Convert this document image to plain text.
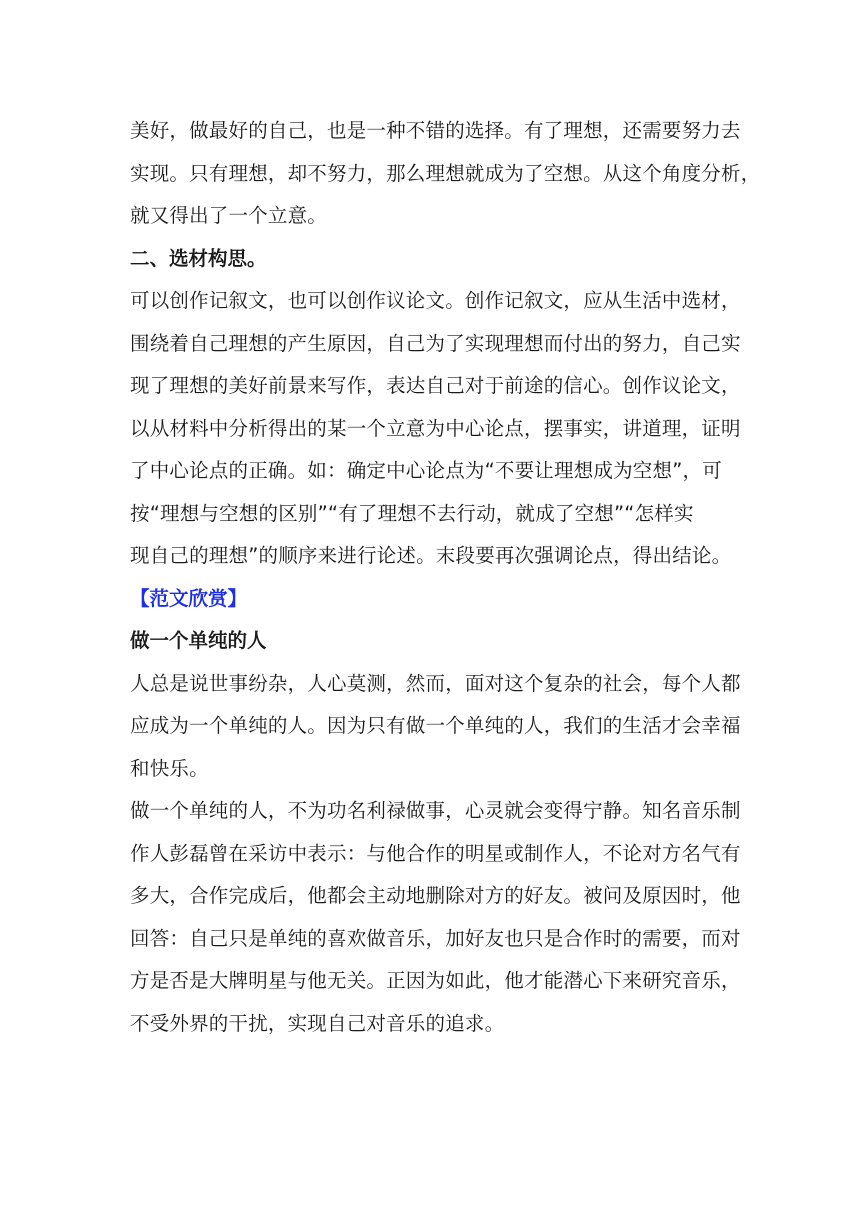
美好，做最好的自己，也是一种不错的选择。有了理想，还需要努力去
实现。只有理想，却不努力，那么理想就成为了空想。从这个角度分析，
就又得出了一个立意。

二、选材构思。

可以创作记叙文，也可以创作议论文。创作记叙文，应从生活中选材，
围绕着自己理想的产生原因，自己为了实现理想而付出的努力，自己实
现了理想的美好前景来写作，表达自己对于前途的信心。创作议论文，
以从材料中分析得出的某一个立意为中心论点，摆事实，讲道理，证明
了中心论点的正确。如：确定中心论点为“不要让理想成为空想”，可
按“理想与空想的区别”“有了理想不去行动，就成了空想”“怎样实
现自己的理想”的顺序来进行论述。末段要再次强调论点，得出结论。

【范文欣赏】

做一个单纯的人

人总是说世事纷杂，人心莫测，然而，面对这个复杂的社会，每个人都
应成为一个单纯的人。因为只有做一个单纯的人，我们的生活才会幸福
和快乐。

做一个单纯的人，不为功名利禄做事，心灵就会变得宁静。知名音乐制
作人彭磊曾在采访中表示：与他合作的明星或制作人，不论对方名气有
多大，合作完成后，他都会主动地删除对方的好友。被问及原因时，他
回答：自己只是单纯的喜欢做音乐，加好友也只是合作时的需要，而对
方是否是大牌明星与他无关。正因为如此，他才能潜心下来研究音乐，
不受外界的干扰，实现自己对音乐的追求。
